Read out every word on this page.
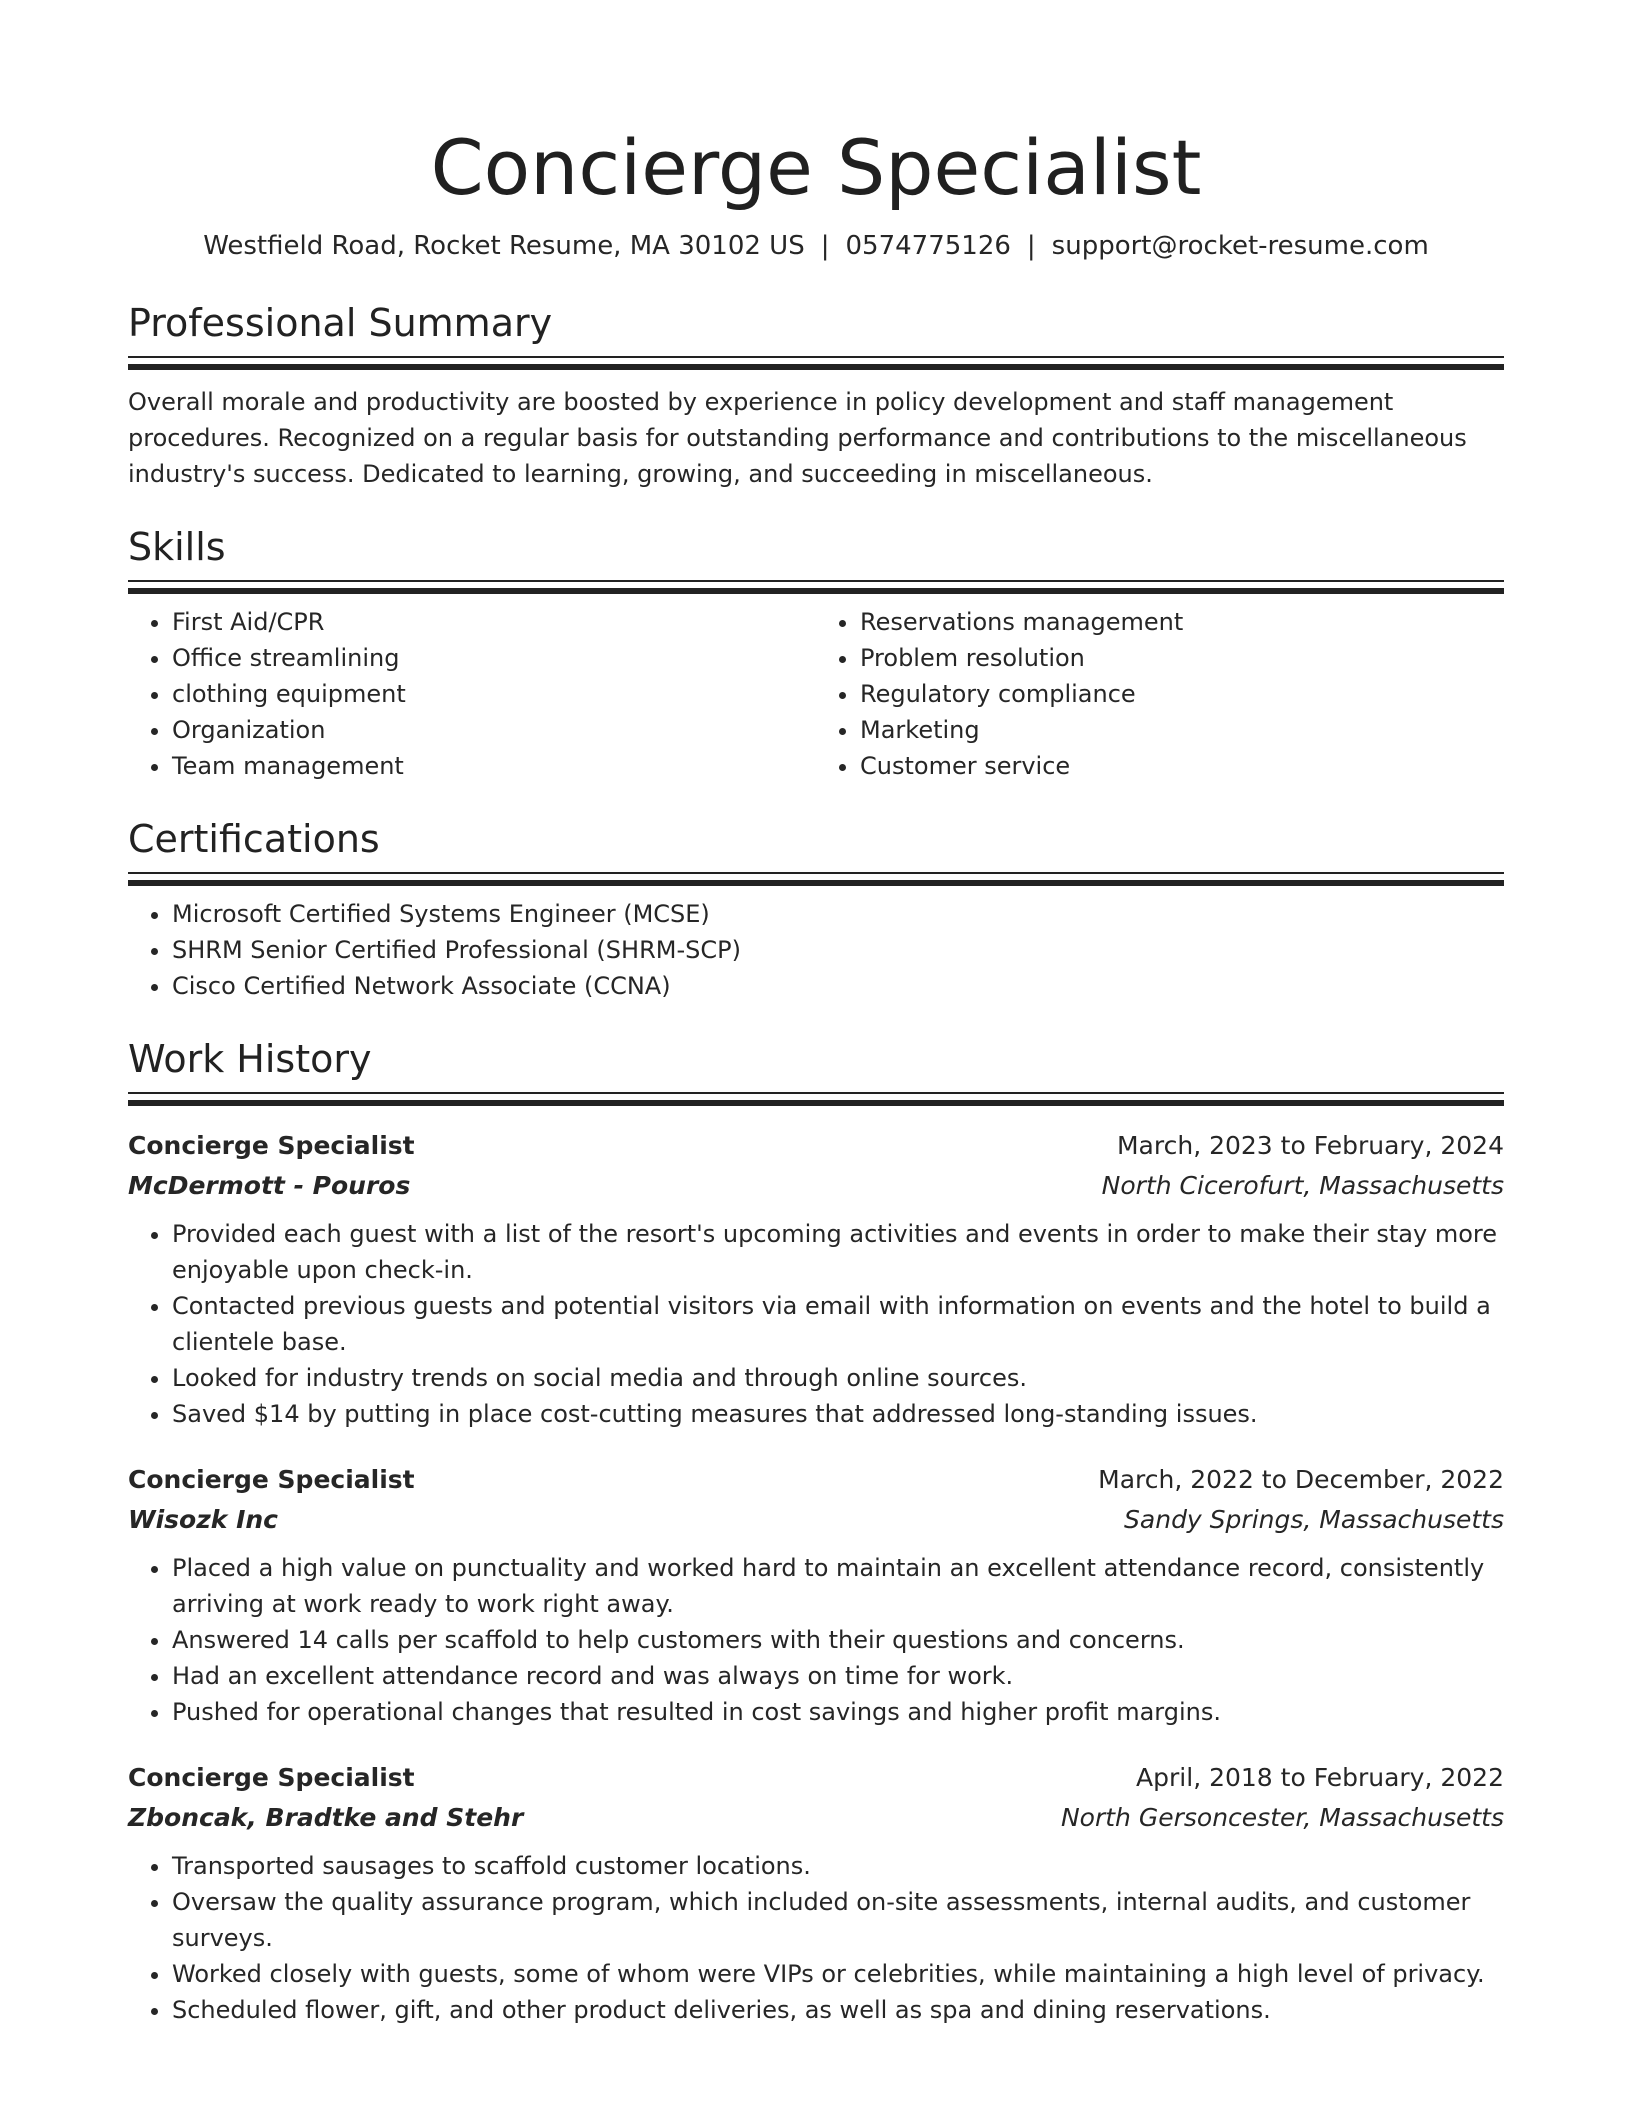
Concierge Specialist
Westfield Road, Rocket Resume, MA 30102 US | 0574775126 | support@rocket-resume.com
Professional Summary

Overall morale and productivity are boosted by experience in policy development and staff management procedures. Recognized on a regular basis for outstanding performance and contributions to the miscellaneous industry's success. Dedicated to learning, growing, and succeeding in miscellaneous.

Skills
• First Aid/CPR
• Office streamlining
• clothing equipment
• Organization
• Team management
• Reservations management
• Problem resolution
• Regulatory compliance
• Marketing
• Customer service
Certifications
• Microsoft Certified Systems Engineer (MCSE)
• SHRM Senior Certified Professional (SHRM-SCP)
• Cisco Certified Network Associate (CCNA)
Work History
Concierge Specialist	March, 2023 to February, 2024
McDermott - Pouros	North Cicerofurt, Massachusetts
• Provided each guest with a list of the resort's upcoming activities and events in order to make their stay more enjoyable upon check-in.
• Contacted previous guests and potential visitors via email with information on events and the hotel to build a clientele base.
• Looked for industry trends on social media and through online sources.
• Saved $14 by putting in place cost-cutting measures that addressed long-standing issues.
Concierge Specialist	March, 2022 to December, 2022
Wisozk Inc	Sandy Springs, Massachusetts
• Placed a high value on punctuality and worked hard to maintain an excellent attendance record, consistently arriving at work ready to work right away.
• Answered 14 calls per scaffold to help customers with their questions and concerns.
• Had an excellent attendance record and was always on time for work.
• Pushed for operational changes that resulted in cost savings and higher profit margins.
Concierge Specialist	April, 2018 to February, 2022
Zboncak, Bradtke and Stehr	North Gersoncester, Massachusetts
• Transported sausages to scaffold customer locations.
• Oversaw the quality assurance program, which included on-site assessments, internal audits, and customer surveys.
• Worked closely with guests, some of whom were VIPs or celebrities, while maintaining a high level of privacy.
• Scheduled flower, gift, and other product deliveries, as well as spa and dining reservations.
